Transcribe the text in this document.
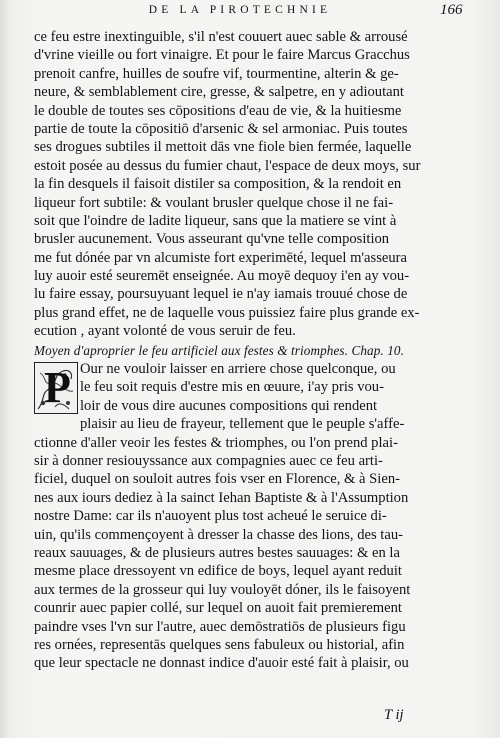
DE LA PIROTECHNIE	166
ce feu estre inextinguible, s'il n'est couuert auec sable & arrousé
d'vrine vieille ou fort vinaigre. Et pour le faire Marcus Gracchus
prenoit canfre, huilles de soufre vif, tourmentine, alterin & ge-
neure, & semblablement cire, gresse, & salpetre, en y adioutant
le double de toutes ses cōpositions d'eau de vie, & la huitiesme
partie de toute la cōpositiō d'arsenic & sel armoniac. Puis toutes
ses drogues subtiles il mettoit dās vne fiole bien fermée, laquelle
estoit posée au dessus du fumier chaut, l'espace de deux moys, sur
la fin desquels il faisoit distiler sa composition, & la rendoit en
liqueur fort subtile: & voulant brusler quelque chose il ne fai-
soit que l'oindre de ladite liqueur, sans que la matiere se vint à
brusler aucunement. Vous asseurant qu'vne telle composition
me fut dónée par vn alcumiste fort experimēté, lequel m'asseura
luy auoir esté seuremēt enseignée. Au moyē dequoy i'en ay vou-
lu faire essay, poursuyuant lequel ie n'ay iamais trouué chose de
plus grand effet, ne de laquelle vous puissiez faire plus grande ex-
ecution , ayant volonté de vous seruir de feu.
Moyen d'aproprier le feu artificiel aux festes & triomphes. Chap. 10.
P Our ne vouloir laisser en arriere chose quelconque, ou
le feu soit requis d'estre mis en œuure, i'ay pris vou-
loir de vous dire aucunes compositions qui rendent
plaisir au lieu de frayeur, tellement que le peuple s'affe-
ctionne d'aller veoir les festes & triomphes, ou l'on prend plai-
sir à donner resiouyssance aux compagnies auec ce feu arti-
ficiel, duquel on souloit autres fois vser en Florence, & à Sien-
nes aux iours dediez à la sainct Iehan Baptiste & à l'Assumption
nostre Dame: car ils n'auoyent plus tost acheué le seruice di-
uin, qu'ils commençoyent à dresser la chasse des lions, des tau-
reaux sauuages, & de plusieurs autres bestes sauuages: & en la
mesme place dressoyent vn edifice de boys, lequel ayant reduit
aux termes de la grosseur qui luy vouloyēt dóner, ils le faisoyent
counrir auec papier collé, sur lequel on auoit fait premierement
paindre vses l'vn sur l'autre, auec demōstratiōs de plusieurs figu
res ornées, representās quelques sens fabuleux ou historial, afin
que leur spectacle ne donnast indice d'auoir esté fait à plaisir, ou
T ij
